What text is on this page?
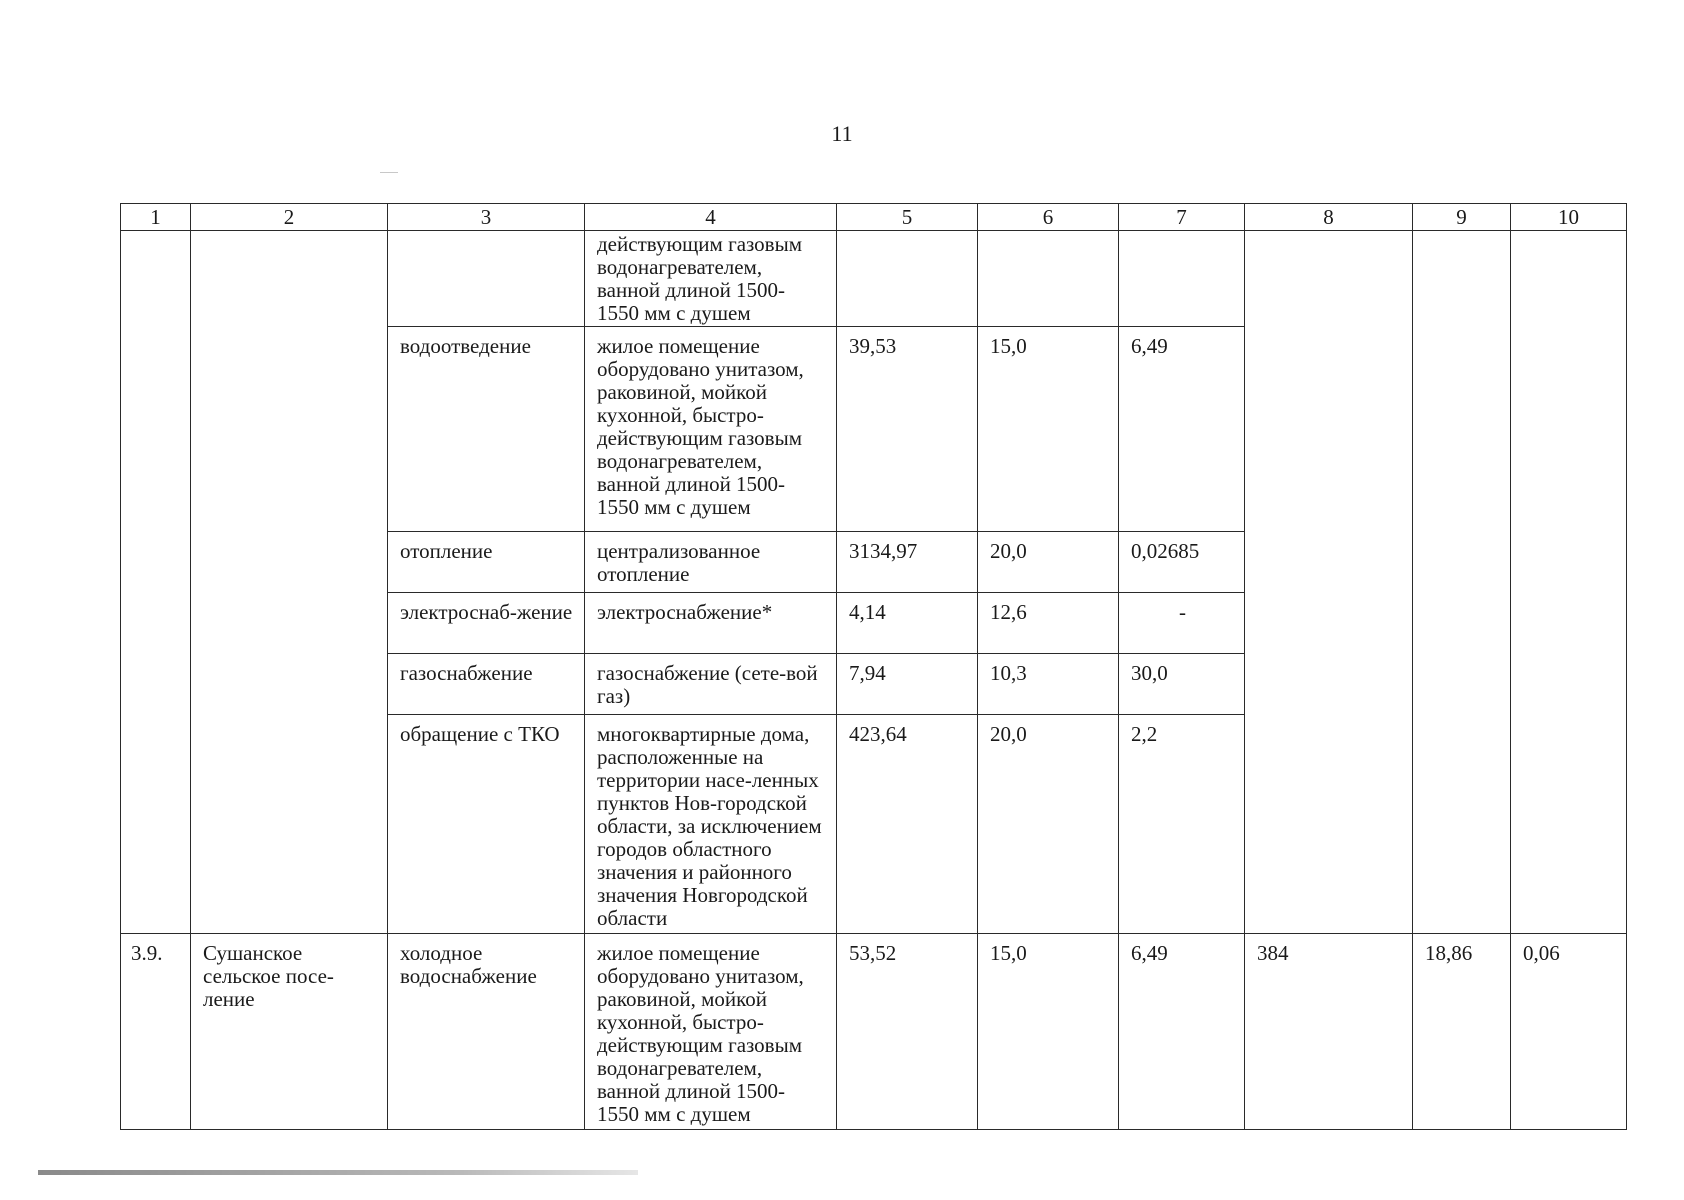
11
1	2	3	4	5	6	7	8	9	10
			действующим газовым водонагревателем, ванной длиной 1500-1550 мм с душем						
		водоотведение	жилое помещение оборудовано унитазом, раковиной, мойкой кухонной, быстро-действующим газовым водонагревателем, ванной длиной 1500-1550 мм с душем	39,53	15,0	6,49			
		отопление	централизованное отопление	3134,97	20,0	0,02685			
		электроснаб-жение	электроснабжение*	4,14	12,6	-			
		газоснабжение	газоснабжение (сете-вой газ)	7,94	10,3	30,0			
		обращение с ТКО	многоквартирные дома, расположенные на территории насе-ленных пунктов Нов-городской области, за исключением городов областного значения и районного значения Новгородской области	423,64	20,0	2,2			
3.9.	Сушанское сельское посе-ление	холодное водоснабжение	жилое помещение оборудовано унитазом, раковиной, мойкой кухонной, быстро-действующим газовым водонагревателем, ванной длиной 1500-1550 мм с душем	53,52	15,0	6,49	384	18,86	0,06
